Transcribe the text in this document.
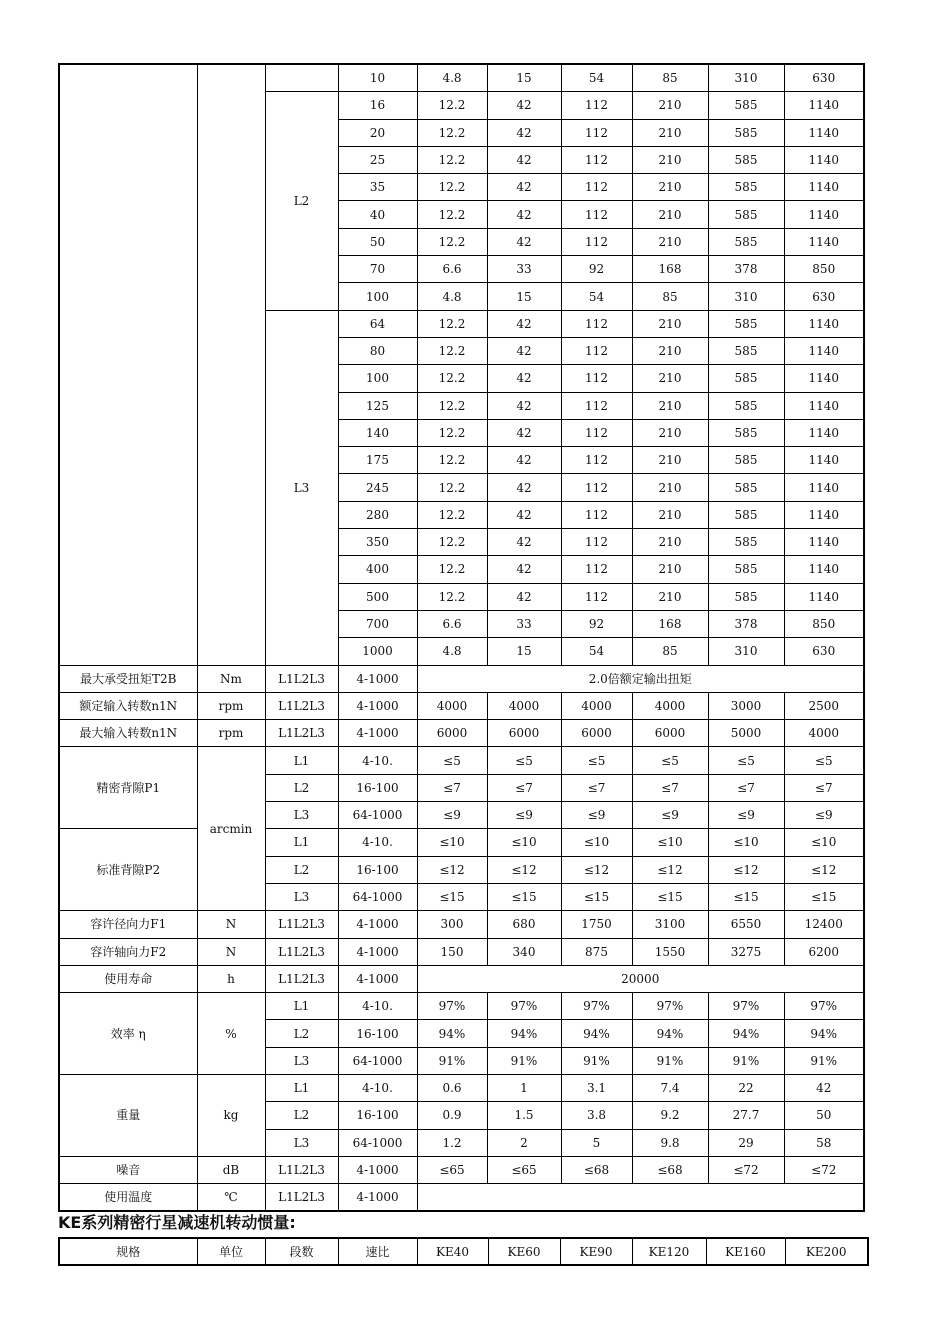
			10	4.8	15	54	85	310	630
		L2	16	12.2	42	112	210	585	1140
			20	12.2	42	112	210	585	1140
			25	12.2	42	112	210	585	1140
			35	12.2	42	112	210	585	1140
			40	12.2	42	112	210	585	1140
			50	12.2	42	112	210	585	1140
			70	6.6	33	92	168	378	850
			100	4.8	15	54	85	310	630
		L3	64	12.2	42	112	210	585	1140
			80	12.2	42	112	210	585	1140
			100	12.2	42	112	210	585	1140
			125	12.2	42	112	210	585	1140
			140	12.2	42	112	210	585	1140
			175	12.2	42	112	210	585	1140
			245	12.2	42	112	210	585	1140
			280	12.2	42	112	210	585	1140
			350	12.2	42	112	210	585	1140
			400	12.2	42	112	210	585	1140
			500	12.2	42	112	210	585	1140
			700	6.6	33	92	168	378	850
			1000	4.8	15	54	85	310	630
最大承受扭矩T2B	Nm	L1L2L3	4-1000	2.0倍额定输出扭矩					
额定输入转数n1N	rpm	L1L2L3	4-1000	4000	4000	4000	4000	3000	2500
最大输入转数n1N	rpm	L1L2L3	4-1000	6000	6000	6000	6000	5000	4000
精密背隙P1	arcmin	L1	4-10.	≤5	≤5	≤5	≤5	≤5	≤5
		L2	16-100	≤7	≤7	≤7	≤7	≤7	≤7
		L3	64-1000	≤9	≤9	≤9	≤9	≤9	≤9
标准背隙P2		L1	4-10.	≤10	≤10	≤10	≤10	≤10	≤10
		L2	16-100	≤12	≤12	≤12	≤12	≤12	≤12
		L3	64-1000	≤15	≤15	≤15	≤15	≤15	≤15
容许径向力F1	N	L1L2L3	4-1000	300	680	1750	3100	6550	12400
容许轴向力F2	N	L1L2L3	4-1000	150	340	875	1550	3275	6200
使用寿命	h	L1L2L3	4-1000	20000					
效率 η	%	L1	4-10.	97%	97%	97%	97%	97%	97%
		L2	16-100	94%	94%	94%	94%	94%	94%
		L3	64-1000	91%	91%	91%	91%	91%	91%
重量	kg	L1	4-10.	0.6	1	3.1	7.4	22	42
		L2	16-100	0.9	1.5	3.8	9.2	27.7	50
		L3	64-1000	1.2	2	5	9.8	29	58
噪音	dB	L1L2L3	4-1000	≤65	≤65	≤68	≤68	≤72	≤72
使用温度	℃	L1L2L3	4-1000						
KE系列精密行星减速机转动惯量:
规格	单位	段数	速比	KE40	KE60	KE90	KE120	KE160	KE200
